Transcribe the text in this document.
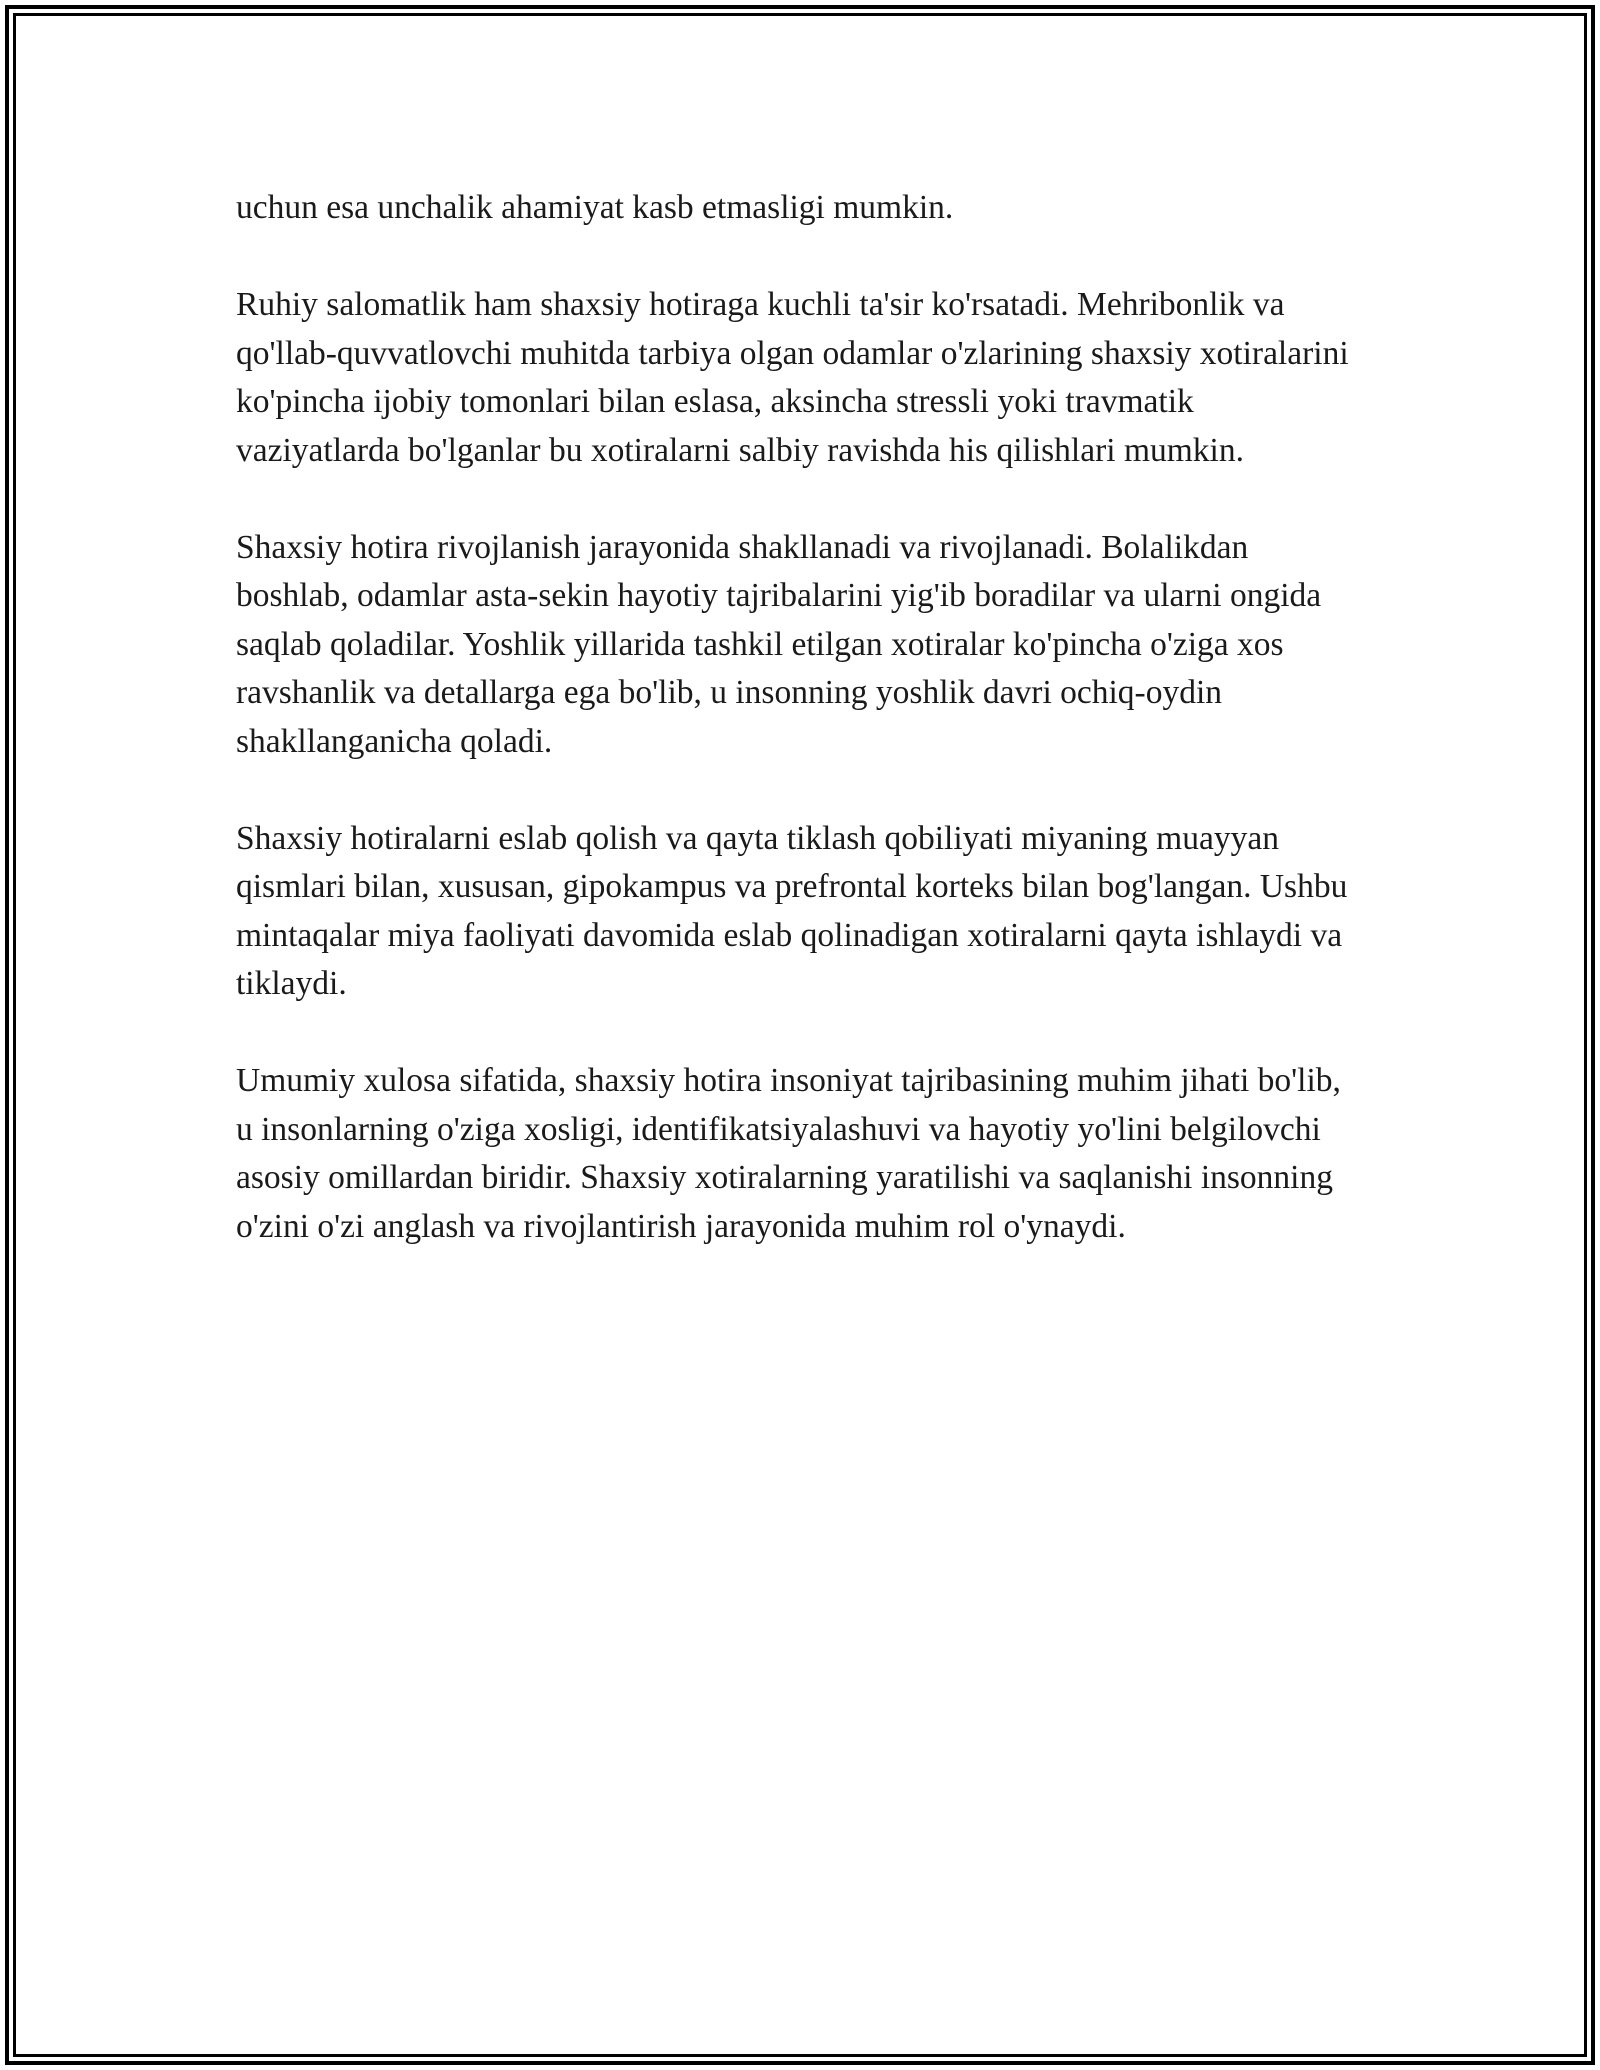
uchun esa unchalik ahamiyat kasb etmasligi mumkin.

Ruhiy salomatlik ham shaxsiy hotiraga kuchli ta'sir ko'rsatadi. Mehribonlik va qo'llab-quvvatlovchi muhitda tarbiya olgan odamlar o'zlarining shaxsiy xotiralarini ko'pincha ijobiy tomonlari bilan eslasa, aksincha stressli yoki travmatik vaziyatlarda bo'lganlar bu xotiralarni salbiy ravishda his qilishlari mumkin.

Shaxsiy hotira rivojlanish jarayonida shakllanadi va rivojlanadi. Bolalikdan boshlab, odamlar asta-sekin hayotiy tajribalarini yig'ib boradilar va ularni ongida saqlab qoladilar. Yoshlik yillarida tashkil etilgan xotiralar ko'pincha o'ziga xos ravshanlik va detallarga ega bo'lib, u insonning yoshlik davri ochiq-oydin shakllanganicha qoladi.

Shaxsiy hotiralarni eslab qolish va qayta tiklash qobiliyati miyaning muayyan qismlari bilan, xususan, gipokampus va prefrontal korteks bilan bog'langan. Ushbu mintaqalar miya faoliyati davomida eslab qolinadigan xotiralarni qayta ishlaydi va tiklaydi.

Umumiy xulosa sifatida, shaxsiy hotira insoniyat tajribasining muhim jihati bo'lib, u insonlarning o'ziga xosligi, identifikatsiyalashuvi va hayotiy yo'lini belgilovchi asosiy omillardan biridir. Shaxsiy xotiralarning yaratilishi va saqlanishi insonning o'zini o'zi anglash va rivojlantirish jarayonida muhim rol o'ynaydi.
